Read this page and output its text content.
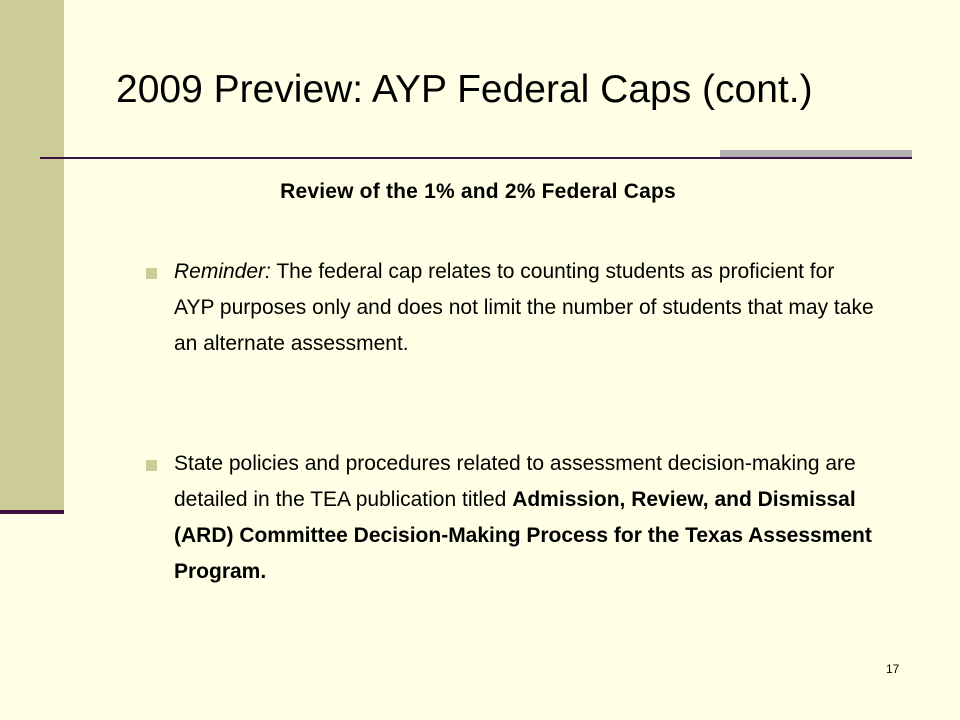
2009 Preview: AYP Federal Caps (cont.)
Review of the 1% and 2% Federal Caps
Reminder: The federal cap relates to counting students as proficient for AYP purposes only and does not limit the number of students that may take an alternate assessment.
State policies and procedures related to assessment decision-making are detailed in the TEA publication titled Admission, Review, and Dismissal (ARD) Committee Decision-Making Process for the Texas Assessment Program.
17
